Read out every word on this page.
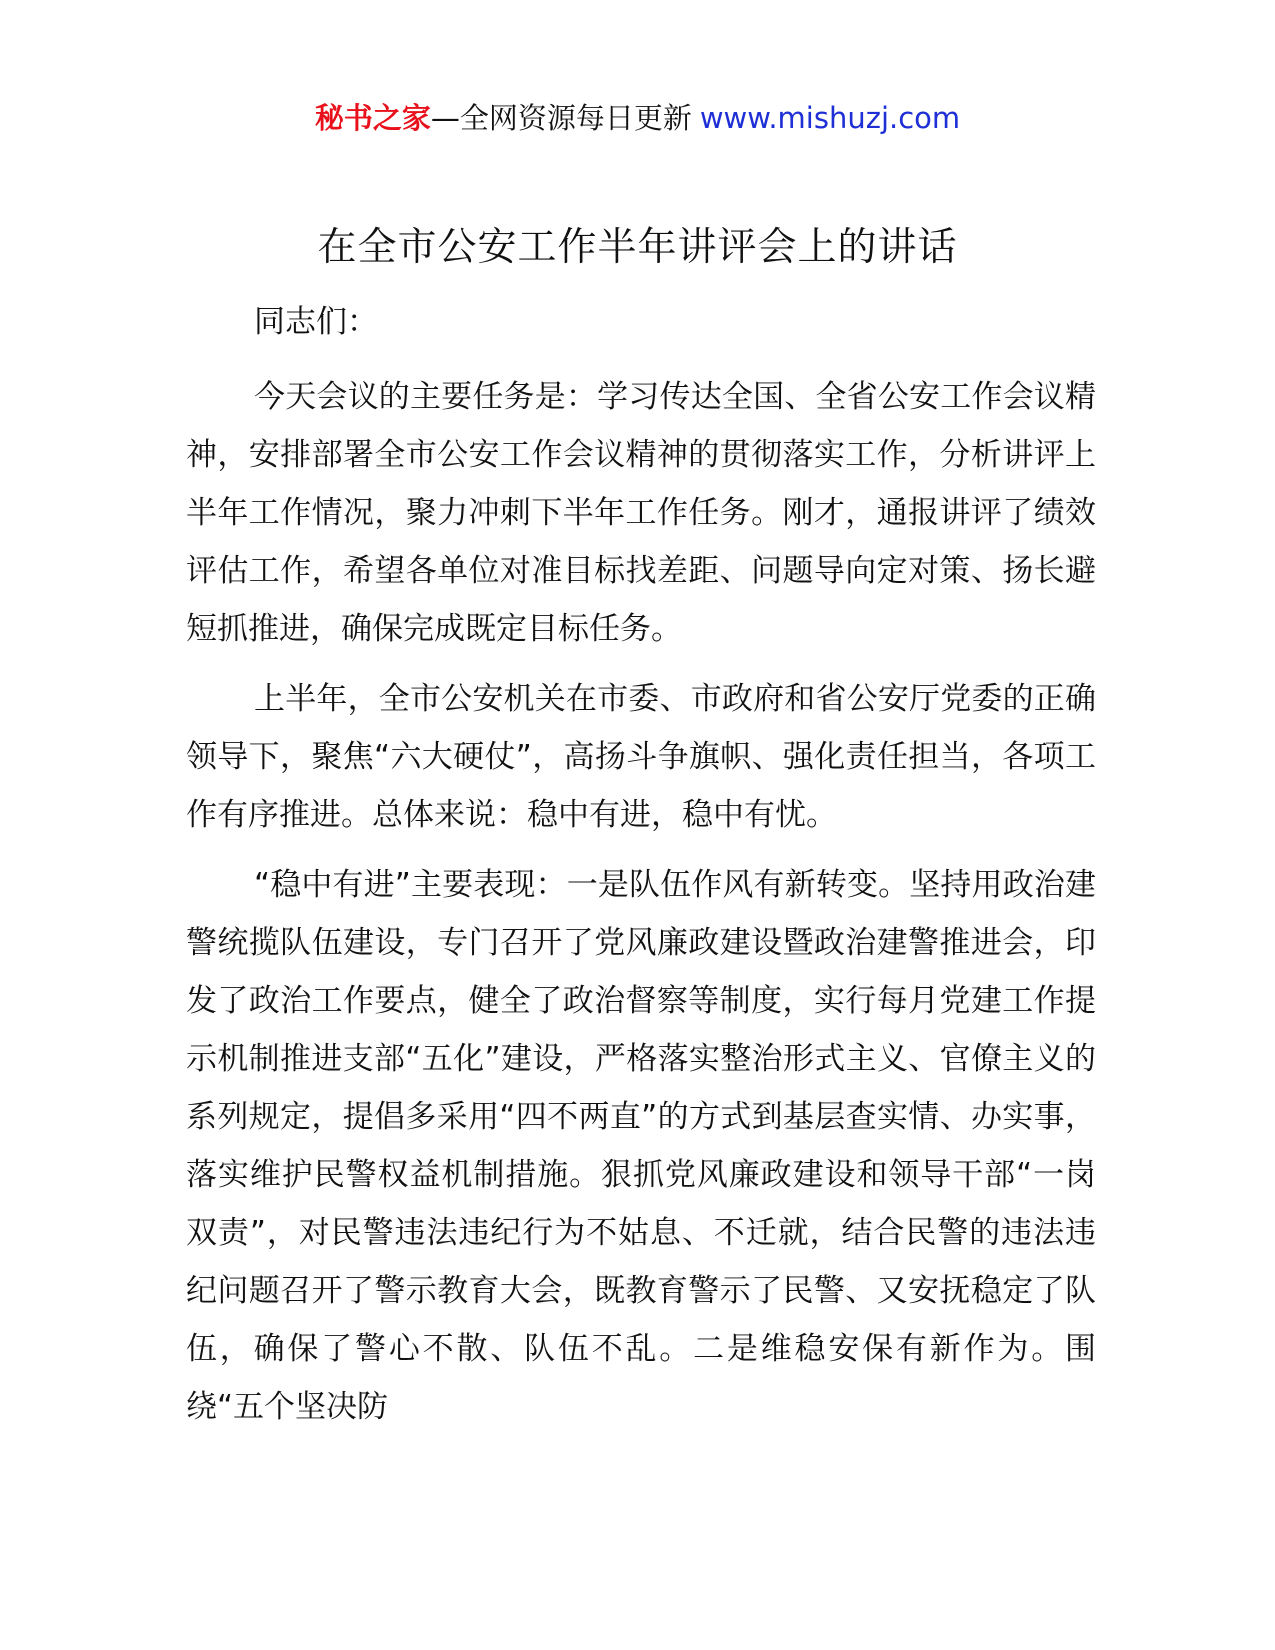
秘书之家—全网资源每日更新 www.mishuzj.com
在全市公安工作半年讲评会上的讲话

同志们：

今天会议的主要任务是：学习传达全国、全省公安工作会议精神，安排部署全市公安工作会议精神的贯彻落实工作，分析讲评上半年工作情况，聚力冲刺下半年工作任务。刚才，通报讲评了绩效评估工作，希望各单位对准目标找差距、问题导向定对策、扬长避短抓推进，确保完成既定目标任务。

上半年，全市公安机关在市委、市政府和省公安厅党委的正确领导下，聚焦“六大硬仗”，高扬斗争旗帜、强化责任担当，各项工作有序推进。总体来说：稳中有进，稳中有忧。

“稳中有进”主要表现：一是队伍作风有新转变。坚持用政治建警统揽队伍建设，专门召开了党风廉政建设暨政治建警推进会，印发了政治工作要点，健全了政治督察等制度，实行每月党建工作提示机制推进支部“五化”建设，严格落实整治形式主义、官僚主义的系列规定，提倡多采用“四不两直”的方式到基层查实情、办实事，落实维护民警权益机制措施。狠抓党风廉政建设和领导干部“一岗双责”，对民警违法违纪行为不姑息、不迁就，结合民警的违法违纪问题召开了警示教育大会，既教育警示了民警、又安抚稳定了队伍，确保了警心不散、队伍不乱。二是维稳安保有新作为。围绕“五个坚决防
